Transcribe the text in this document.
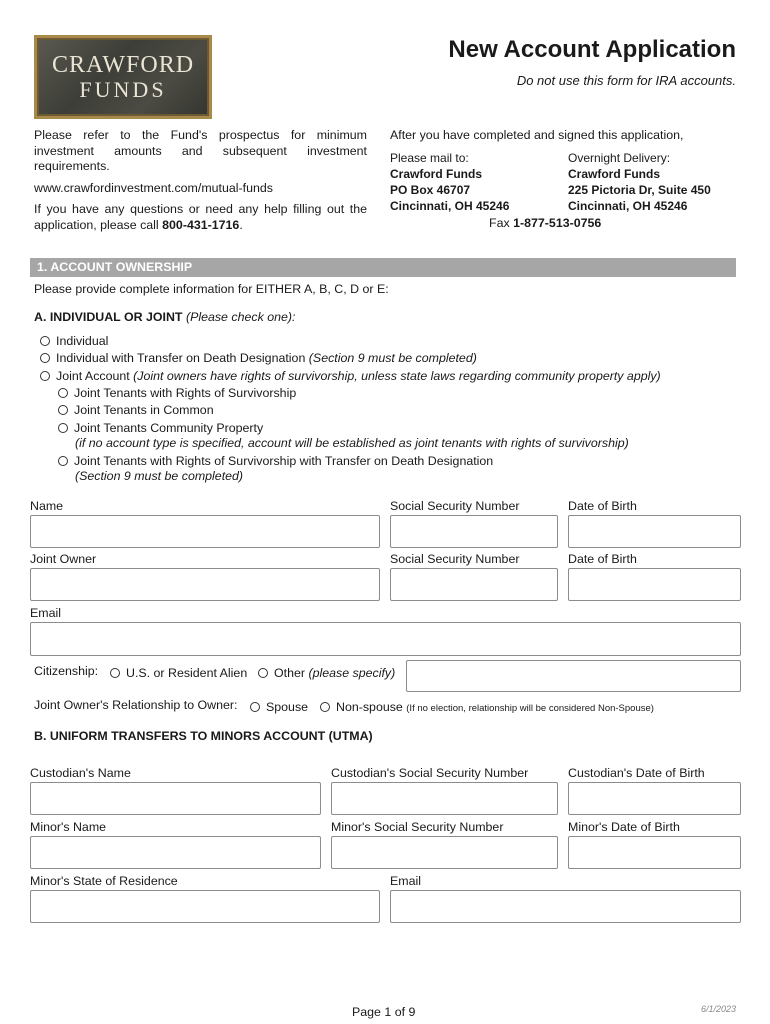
CRAWFORD
FUNDS
New Account Application
Do not use this form for IRA accounts.

Please refer to the Fund's prospectus for minimum investment amounts and subsequent investment requirements.

www.crawfordinvestment.com/mutual-funds

If you have any questions or need any help filling out the application, please call 800-431-1716.

After you have completed and signed this application,
Please mail to:
Crawford Funds
PO Box 46707
Cincinnati, OH 45246
Overnight Delivery:
Crawford Funds
225 Pictoria Dr, Suite 450
Cincinnati, OH 45246
Fax 1-877-513-0756
1. ACCOUNT OWNERSHIP
Please provide complete information for EITHER A, B, C, D or E:
A. INDIVIDUAL OR JOINT (Please check one):
Individual
Individual with Transfer on Death Designation (Section 9 must be completed)
Joint Account (Joint owners have rights of survivorship, unless state laws regarding community property apply)
Joint Tenants with Rights of Survivorship
Joint Tenants in Common
Joint Tenants Community Property
(if no account type is specified, account will be established as joint tenants with rights of survivorship)
Joint Tenants with Rights of Survivorship with Transfer on Death Designation
(Section 9 must be completed)
Name	Social Security Number	Date of Birth
Joint Owner	Social Security Number	Date of Birth
Email
Citizenship:	U.S. or Resident Alien	Other (please specify)
Joint Owner's Relationship to Owner:	Spouse	Non-spouse (If no election, relationship will be considered Non-Spouse)
B. UNIFORM TRANSFERS TO MINORS ACCOUNT (UTMA)
Custodian's Name	Custodian's Social Security Number	Custodian's Date of Birth
Minor's Name	Minor's Social Security Number	Minor's Date of Birth
Minor's State of Residence	Email
Page 1 of 9	6/1/2023
